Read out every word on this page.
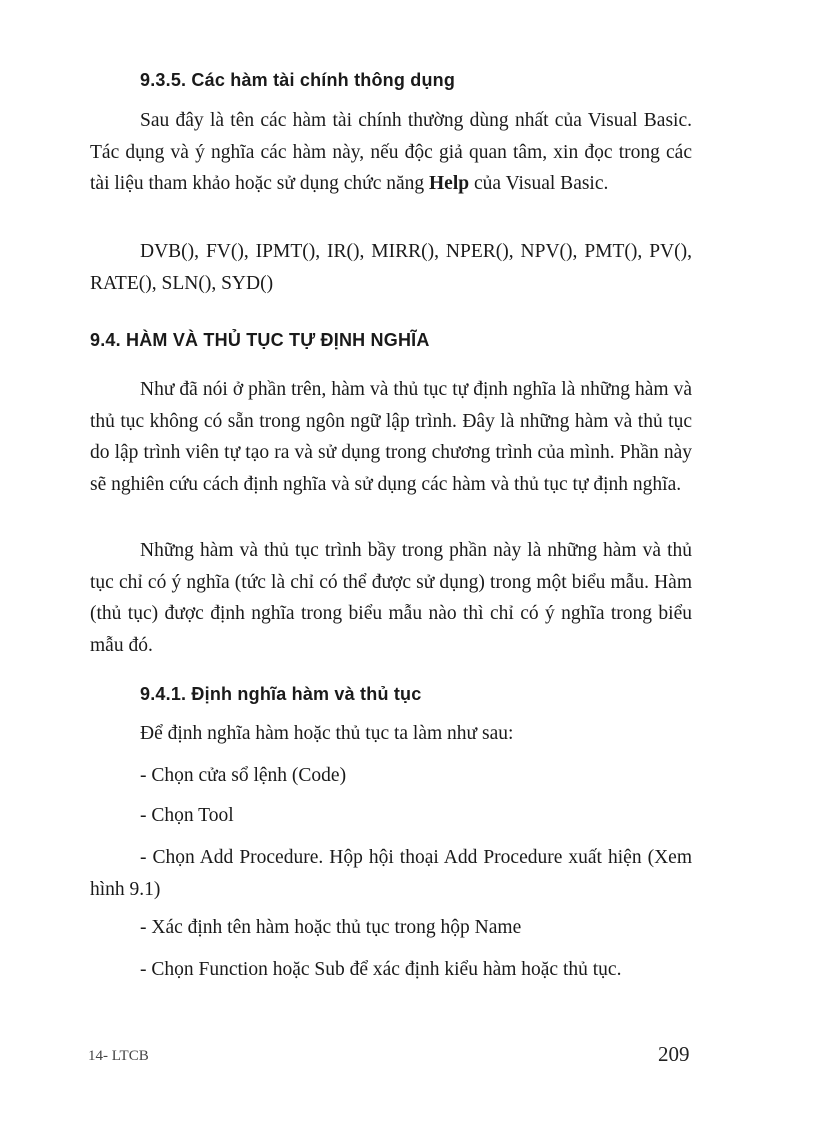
9.3.5. Các hàm tài chính thông dụng

Sau đây là tên các hàm tài chính thường dùng nhất của Visual Basic. Tác dụng và ý nghĩa các hàm này, nếu độc giả quan tâm, xin đọc trong các tài liệu tham khảo hoặc sử dụng chức năng Help của Visual Basic.

DVB(), FV(), IPMT(), IR(), MIRR(), NPER(), NPV(), PMT(), PV(), RATE(), SLN(), SYD()

9.4. HÀM VÀ THỦ TỤC TỰ ĐỊNH NGHĨA

Như đã nói ở phần trên, hàm và thủ tục tự định nghĩa là những hàm và thủ tục không có sẵn trong ngôn ngữ lập trình. Đây là những hàm và thủ tục do lập trình viên tự tạo ra và sử dụng trong chương trình của mình. Phần này sẽ nghiên cứu cách định nghĩa và sử dụng các hàm và thủ tục tự định nghĩa.

Những hàm và thủ tục trình bầy trong phần này là những hàm và thủ tục chỉ có ý nghĩa (tức là chỉ có thể được sử dụng) trong một biểu mẫu. Hàm (thủ tục) được định nghĩa trong biểu mẫu nào thì chỉ có ý nghĩa trong biểu mẫu đó.

9.4.1. Định nghĩa hàm và thủ tục

Để định nghĩa hàm hoặc thủ tục ta làm như sau:

- Chọn cửa sổ lệnh (Code)

- Chọn Tool

- Chọn Add Procedure. Hộp hội thoại Add Procedure xuất hiện (Xem hình 9.1)

- Xác định tên hàm hoặc thủ tục trong hộp Name

- Chọn Function hoặc Sub để xác định kiểu hàm hoặc thủ tục.

14- LTCB	209
